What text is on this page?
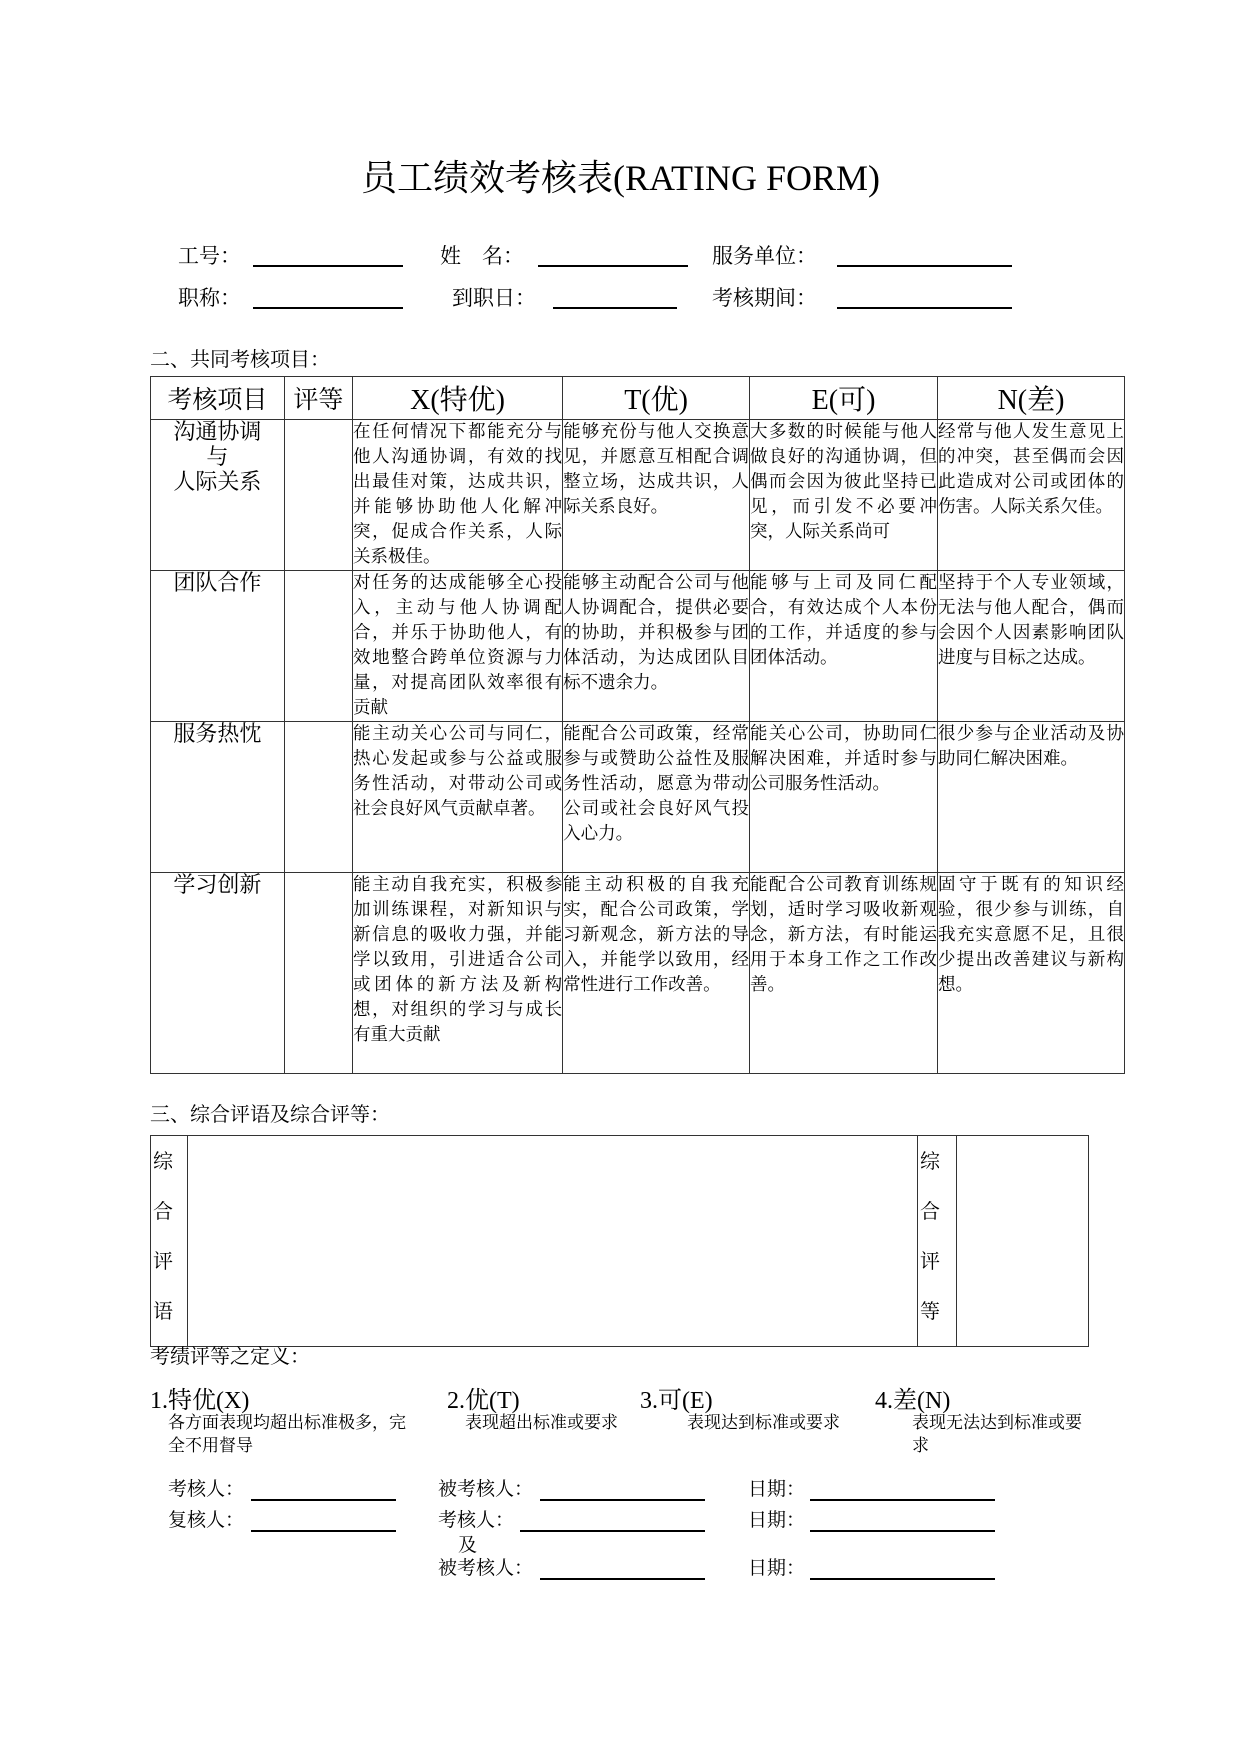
员工绩效考核表(RATING FORM)
工号：	姓　名：	服务单位：
职称：	到职日：	考核期间：
二、共同考核项目：
考核项目	评等	X(特优)	T(优)	E(可)	N(差)

沟通协调
与
人际关系		在任何情况下都能充分与他人沟通协调，有效的找出最佳对策，达成共识，并能够协助他人化解冲突，促成合作关系，人际关系极佳。	能够充份与他人交换意见，并愿意互相配合调整立场，达成共识，人际关系良好。	大多数的时候能与他人做良好的沟通协调，但偶而会因为彼此坚持已见，而引发不必要冲突，人际关系尚可	经常与他人发生意见上的冲突，甚至偶而会因此造成对公司或团体的伤害。人际关系欠佳。

团队合作		对任务的达成能够全心投入，主动与他人协调配合，并乐于协助他人，有效地整合跨单位资源与力量，对提高团队效率很有贡献	能够主动配合公司与他人协调配合，提供必要的协助，并积极参与团体活动，为达成团队目标不遗余力。	能够与上司及同仁配合，有效达成个人本份的工作，并适度的参与团体活动。	坚持于个人专业领域，无法与他人配合，偶而会因个人因素影响团队进度与目标之达成。

服务热忱		能主动关心公司与同仁，热心发起或参与公益或服务性活动，对带动公司或社会良好风气贡献卓著。	能配合公司政策，经常参与或赞助公益性及服务性活动，愿意为带动公司或社会良好风气投入心力。	能关心公司，协助同仁解决困难，并适时参与公司服务性活动。	很少参与企业活动及协助同仁解决困难。

学习创新		能主动自我充实，积极参加训练课程，对新知识与新信息的吸收力强，并能学以致用，引进适合公司或团体的新方法及新构想，对组织的学习与成长有重大贡献	能主动积极的自我充实，配合公司政策，学习新观念，新方法的导入，并能学以致用，经常性进行工作改善。	能配合公司教育训练规划，适时学习吸收新观念，新方法，有时能运用于本身工作之工作改善。	固守于既有的知识经验，很少参与训练，自我充实意愿不足，且很少提出改善建议与新构想。
三、综合评语及综合评等：
综
合
评
语

综
合
评
等

考绩评等之定义：
1.特优(X)
各方面表现均超出标准极多，完全不用督导
2.优(T)
表现超出标准或要求
3.可(E)
表现达到标准或要求
4.差(N)
表现无法达到标准或要求
考核人：	被考核人：	日期：
复核人：	考核人：	日期：
及
被考核人：	日期：
